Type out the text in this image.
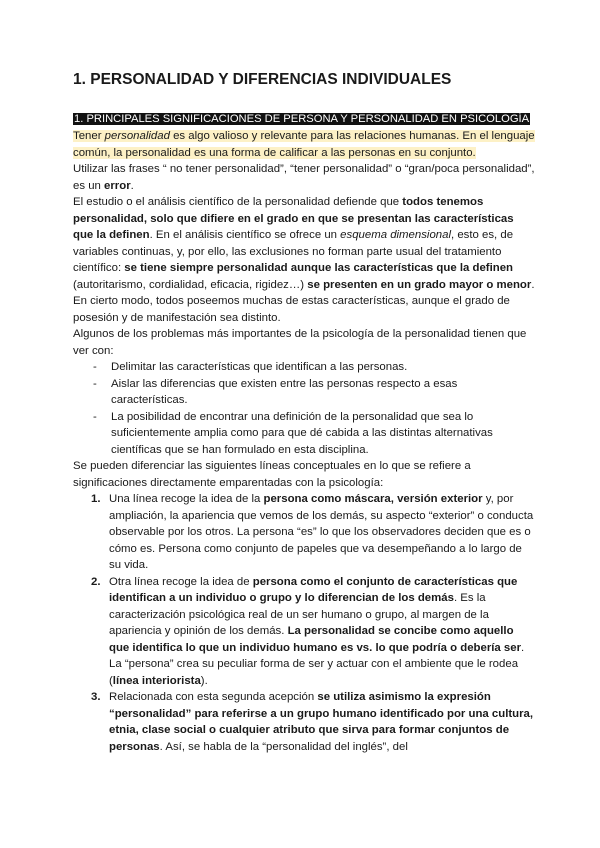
1. PERSONALIDAD Y DIFERENCIAS INDIVIDUALES
1. PRINCIPALES SIGNIFICACIONES DE PERSONA Y PERSONALIDAD EN PSICOLOGÍA

Tener personalidad es algo valioso y relevante para las relaciones humanas. En el lenguaje común, la personalidad es una forma de calificar a las personas en su conjunto.

Utilizar las frases “ no tener personalidad”, “tener personalidad” o “gran/poca personalidad”, es un error.

El estudio o el análisis científico de la personalidad defiende que todos tenemos personalidad, solo que difiere en el grado en que se presentan las características que la definen. En el análisis científico se ofrece un esquema dimensional, esto es, de variables continuas, y, por ello, las exclusiones no forman parte usual del tratamiento científico: se tiene siempre personalidad aunque las características que la definen (autoritarismo, cordialidad, eficacia, rigidez…) se presenten en un grado mayor o menor. En cierto modo, todos poseemos muchas de estas características, aunque el grado de posesión y de manifestación sea distinto.

Algunos de los problemas más importantes de la psicología de la personalidad tienen que ver con:

- Delimitar las características que identifican a las personas.
- Aislar las diferencias que existen entre las personas respecto a esas características.
- La posibilidad de encontrar una definición de la personalidad que sea lo suficientemente amplia como para que dé cabida a las distintas alternativas científicas que se han formulado en esta disciplina.

Se pueden diferenciar las siguientes líneas conceptuales en lo que se refiere a significaciones directamente emparentadas con la psicología:

1. Una línea recoge la idea de la persona como máscara, versión exterior y, por ampliación, la apariencia que vemos de los demás, su aspecto “exterior” o conducta observable por los otros. La persona “es” lo que los observadores deciden que es o cómo es. Persona como conjunto de papeles que va desempeñando a lo largo de su vida.
2. Otra línea recoge la idea de persona como el conjunto de características que identifican a un individuo o grupo y lo diferencian de los demás. Es la caracterización psicológica real de un ser humano o grupo, al margen de la apariencia y opinión de los demás. La personalidad se concibe como aquello que identifica lo que un individuo humano es vs. lo que podría o debería ser. La “persona” crea su peculiar forma de ser y actuar con el ambiente que le rodea (línea interiorista).
3. Relacionada con esta segunda acepción se utiliza asimismo la expresión “personalidad” para referirse a un grupo humano identificado por una cultura, etnia, clase social o cualquier atributo que sirva para formar conjuntos de personas. Así, se habla de la “personalidad del inglés”, del
